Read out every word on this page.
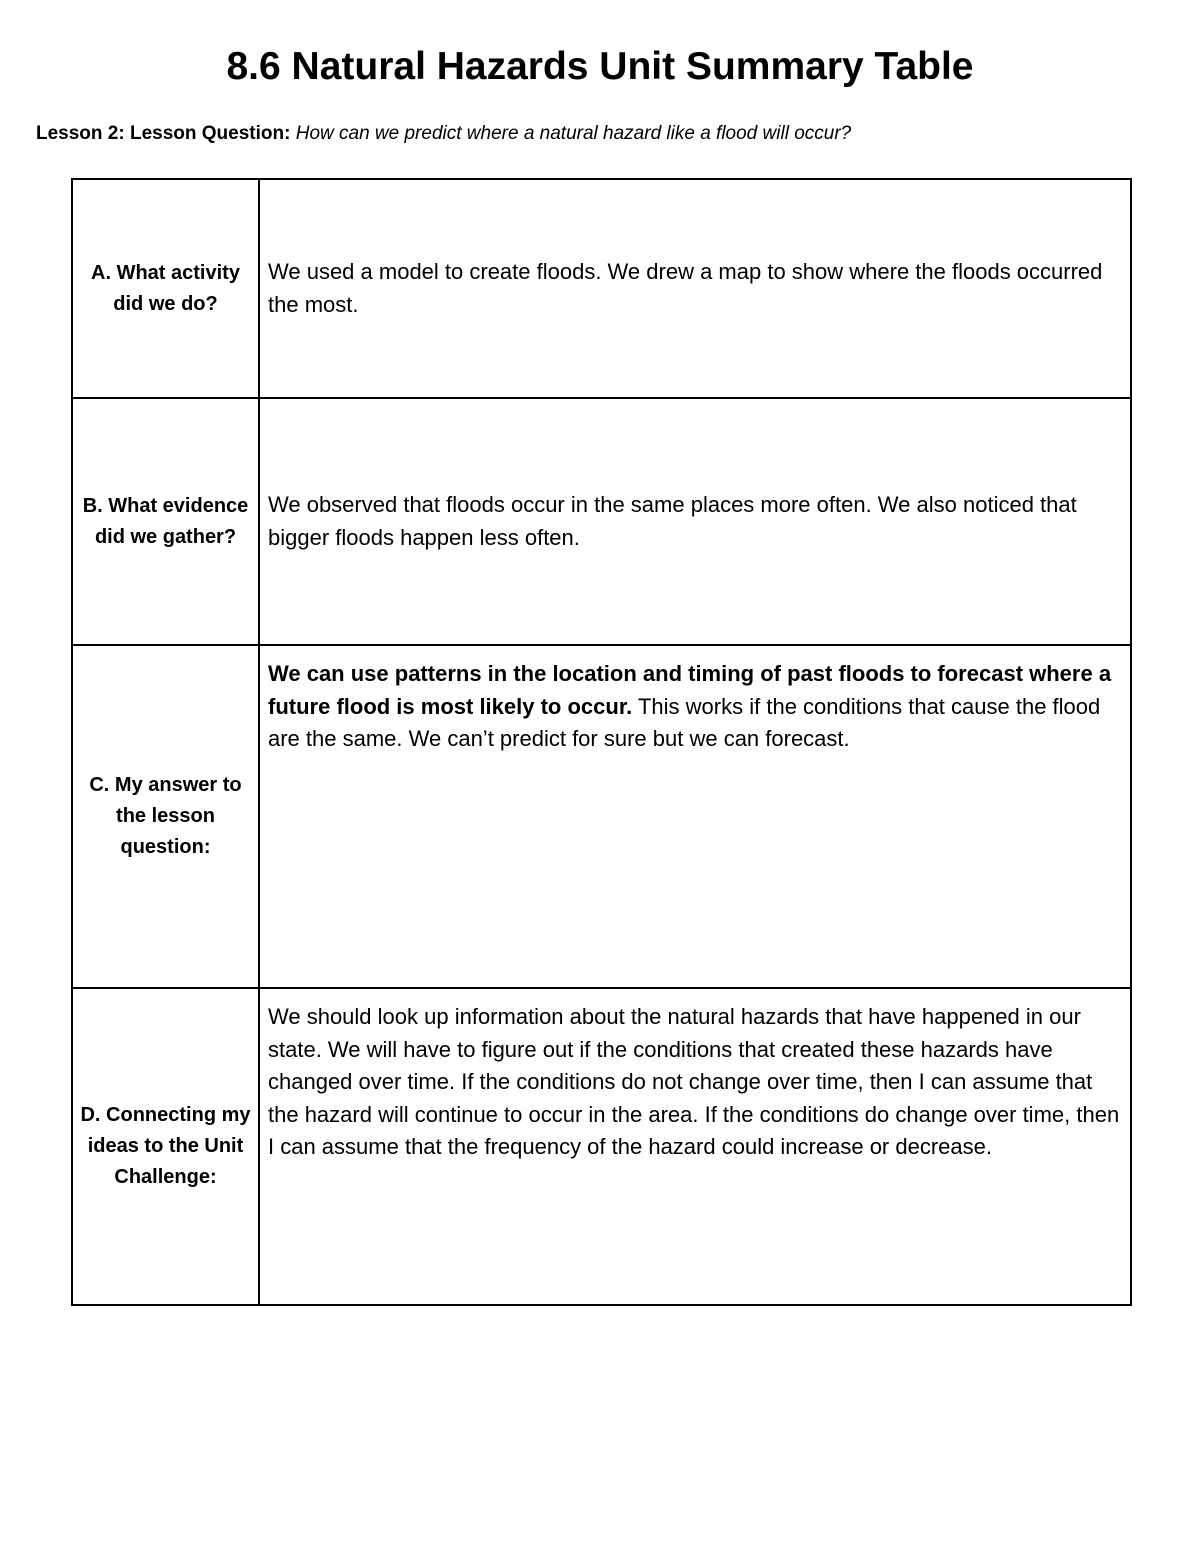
8.6 Natural Hazards Unit Summary Table
Lesson 2: Lesson Question: How can we predict where a natural hazard like a flood will occur?
A. What activity did we do?	We used a model to create floods. We drew a map to show where the floods occurred the most.
B. What evidence did we gather?	We observed that floods occur in the same places more often. We also noticed that bigger floods happen less often.
C. My answer to the lesson question:	We can use patterns in the location and timing of past floods to forecast where a future flood is most likely to occur. This works if the conditions that cause the flood are the same. We can’t predict for sure but we can forecast.
D. Connecting my ideas to the Unit Challenge:	We should look up information about the natural hazards that have happened in our state. We will have to figure out if the conditions that created these hazards have changed over time. If the conditions do not change over time, then I can assume that the hazard will continue to occur in the area. If the conditions do change over time, then I can assume that the frequency of the hazard could increase or decrease.
